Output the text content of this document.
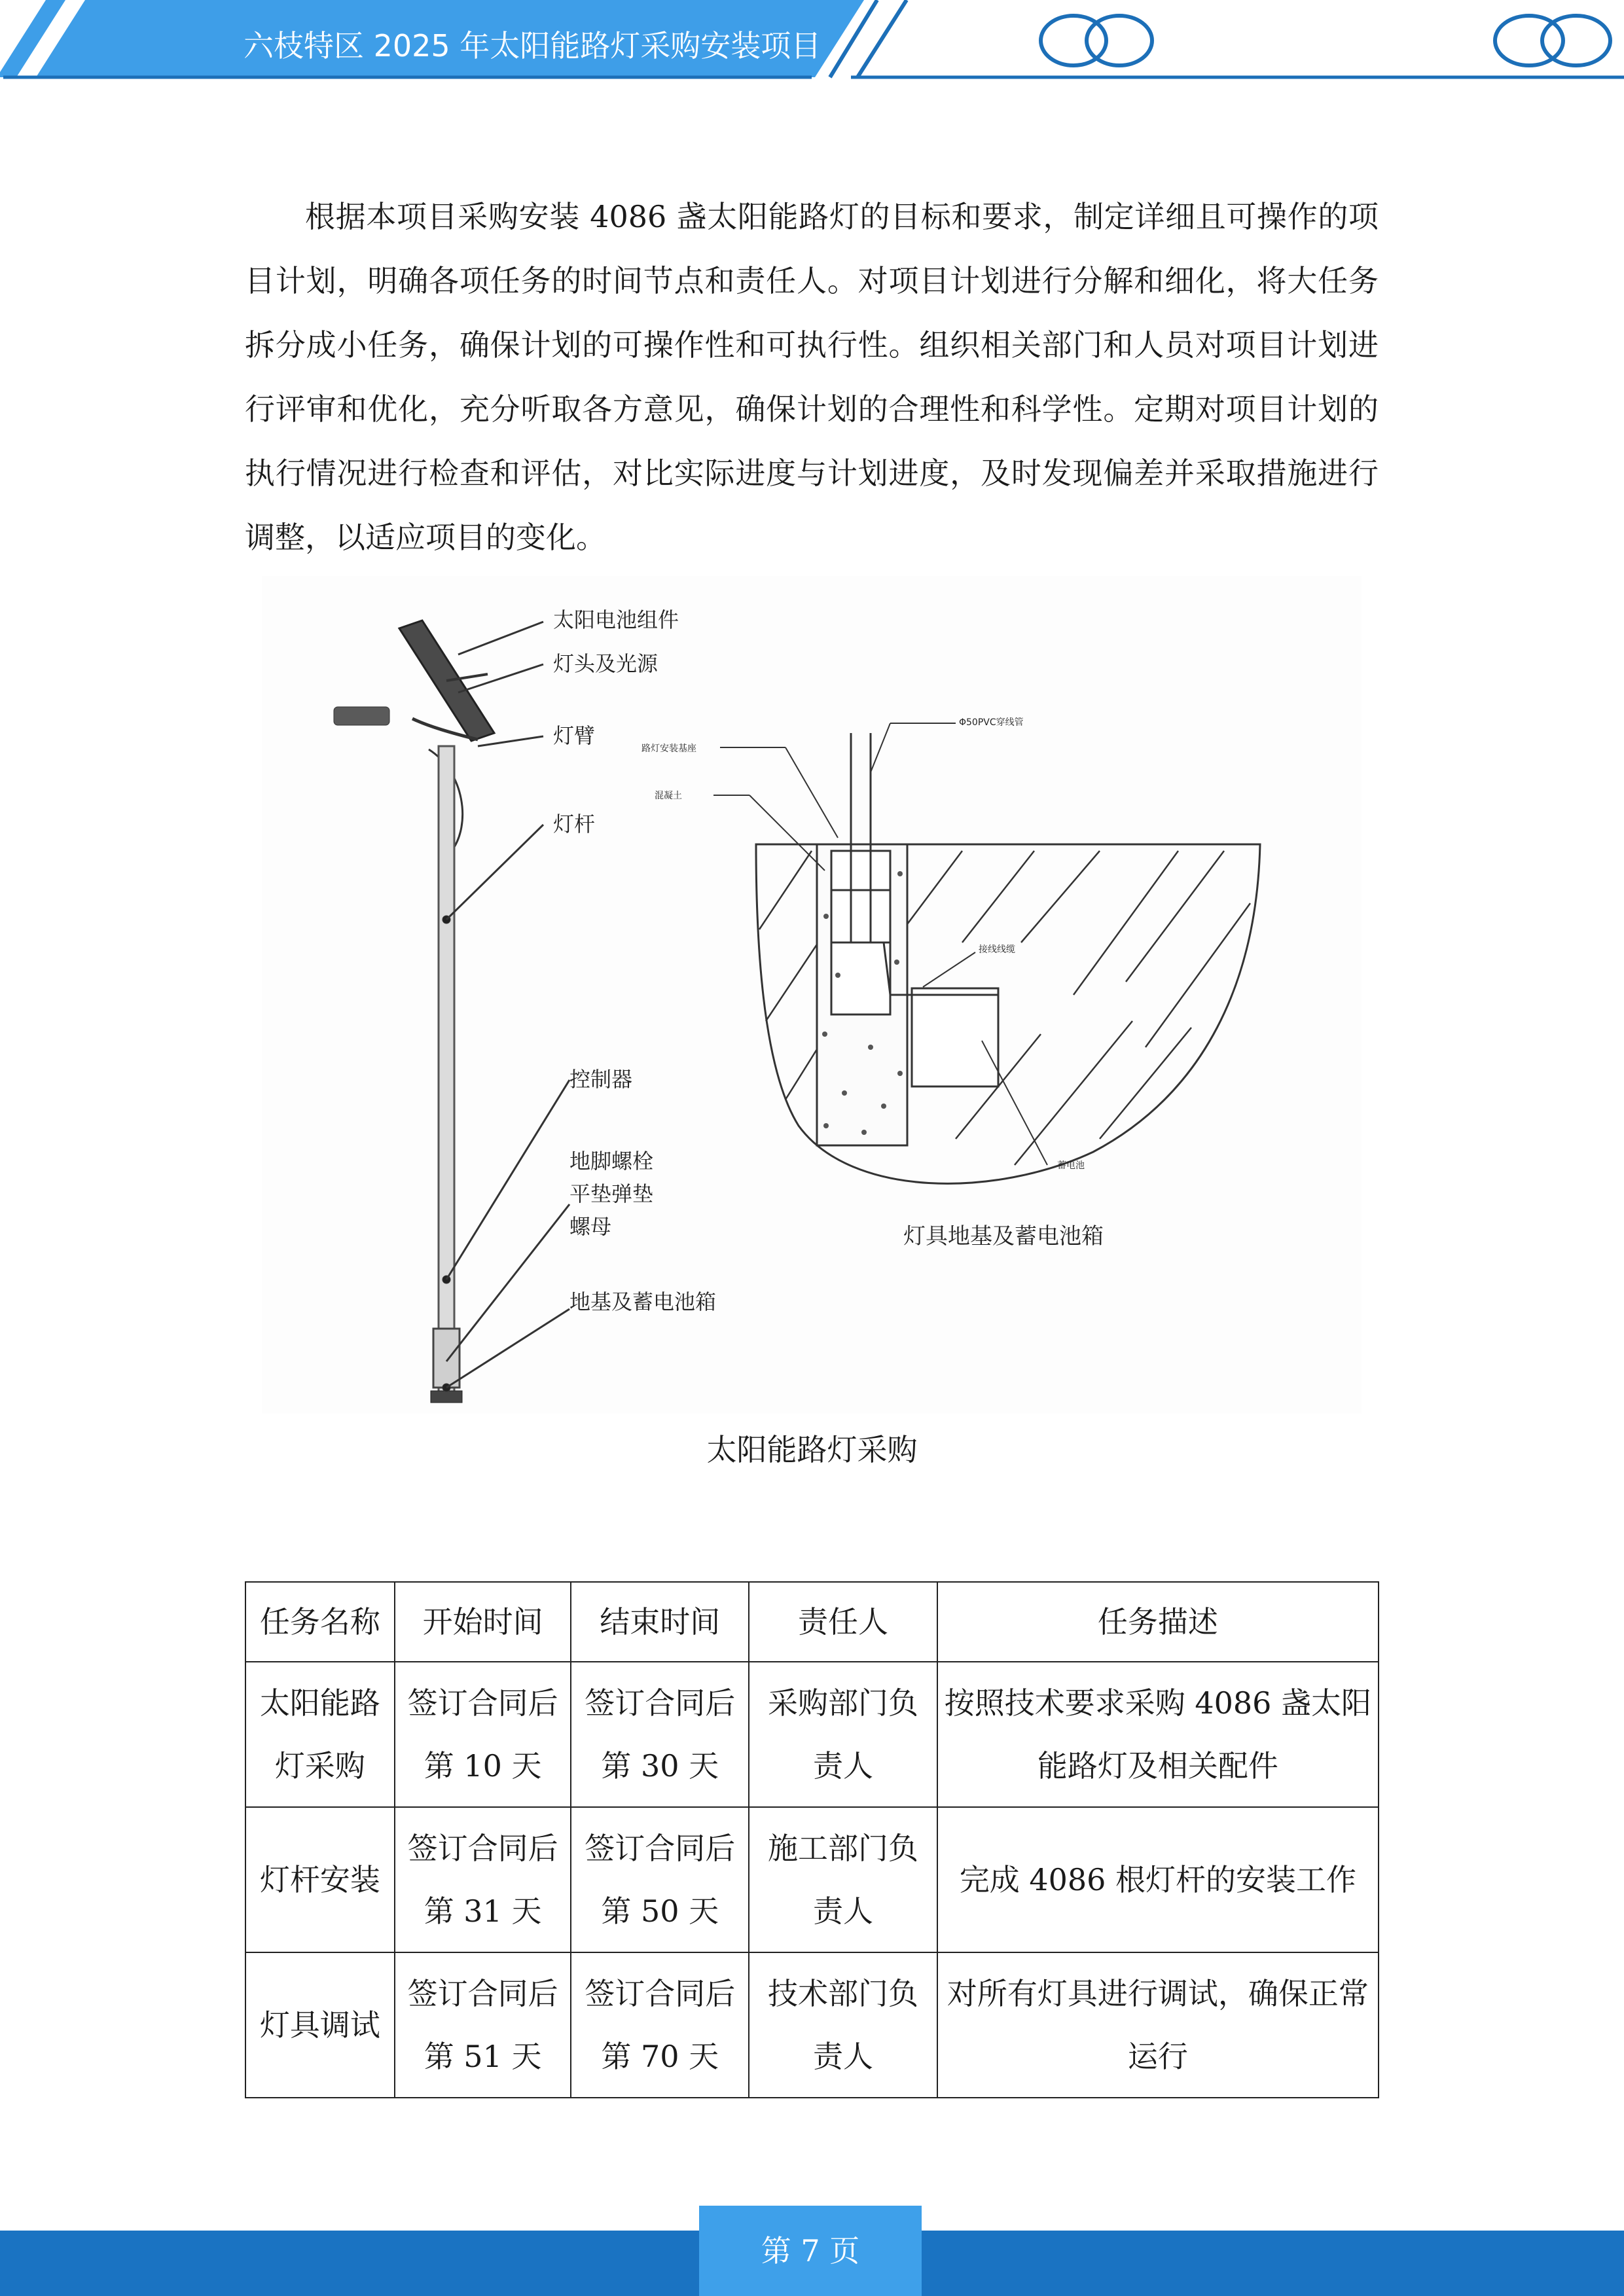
六枝特区 2025 年太阳能路灯采购安装项目

根据本项目采购安装 4086 盏太阳能路灯的目标和要求，制定详细且可操作的项目计划，明确各项任务的时间节点和责任人。对项目计划进行分解和细化，将大任务拆分成小任务，确保计划的可操作性和可执行性。组织相关部门和人员对项目计划进行评审和优化，充分听取各方意见，确保计划的合理性和科学性。定期对项目计划的执行情况进行检查和评估，对比实际进度与计划进度，及时发现偏差并采取措施进行调整，以适应项目的变化。

太阳电池组件
灯头及光源
灯臂
灯杆
控制器
地脚螺栓
平垫弹垫
螺母
地基及蓄电池箱
路灯安装基座
混凝土
Φ50PVC穿线管
接线线缆
蓄电池
灯具地基及蓄电池箱
太阳能路灯采购
任务名称	开始时间	结束时间	责任人	任务描述
太阳能路灯采购	签订合同后第 10 天	签订合同后第 30 天	采购部门负责人	按照技术要求采购 4086 盏太阳能路灯及相关配件
灯杆安装	签订合同后第 31 天	签订合同后第 50 天	施工部门负责人	完成 4086 根灯杆的安装工作
灯具调试	签订合同后第 51 天	签订合同后第 70 天	技术部门负责人	对所有灯具进行调试，确保正常运行
第 7 页
